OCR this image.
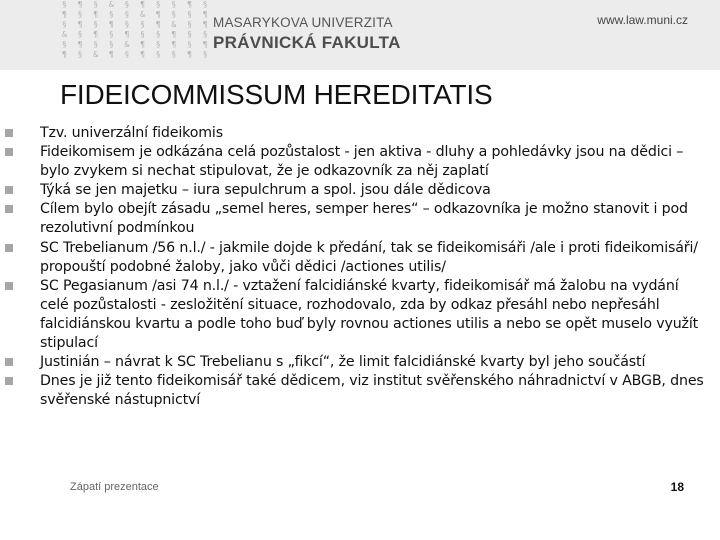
§ ¶ § & § ¶ § § ¶ §
¶ § ¶ § § & ¶ § § ¶
§ ¶ § ¶ § § ¶ & § ¶
& § ¶ § ¶ § § ¶ § §
§ ¶ § § & ¶ § ¶ § ¶
¶ § & ¶ § ¶ § § ¶ §
MASARYKOVA UNIVERZITA
PRÁVNICKÁ FAKULTA
www.law.muni.cz
FIDEICOMMISSUM HEREDITATIS
Tzv. univerzální fideikomis
Fideikomisem je odkázána celá pozůstalost - jen aktiva - dluhy a pohledávky jsou na dědici – bylo zvykem si nechat stipulovat, že je odkazovník za něj zaplatí
Týká se jen majetku – iura sepulchrum a spol. jsou dále dědicova
Cílem bylo obejít zásadu „semel heres, semper heres“ – odkazovníka je možno stanovit i pod rezolutivní podmínkou
SC Trebelianum /56 n.l./ - jakmile dojde k předání, tak se fideikomisáři /ale i proti fideikomisáři/ propouští podobné žaloby, jako vůči dědici /actiones utilis/
SC Pegasianum /asi 74 n.l./ - vztažení falcidiánské kvarty, fideikomisář má žalobu na vydání celé pozůstalosti - zesložitění situace, rozhodovalo, zda by odkaz přesáhl nebo nepřesáhl falcidiánskou kvartu a podle toho buď byly rovnou actiones utilis a nebo se opět muselo využít stipulací
Justinián – návrat k SC Trebelianu s „fikcí“, že limit falcidiánské kvarty byl jeho součástí
Dnes je již tento fideikomisář také dědicem, viz institut svěřenského náhradnictví v ABGB, dnes svěřenské nástupnictví
Zápatí prezentace	18
